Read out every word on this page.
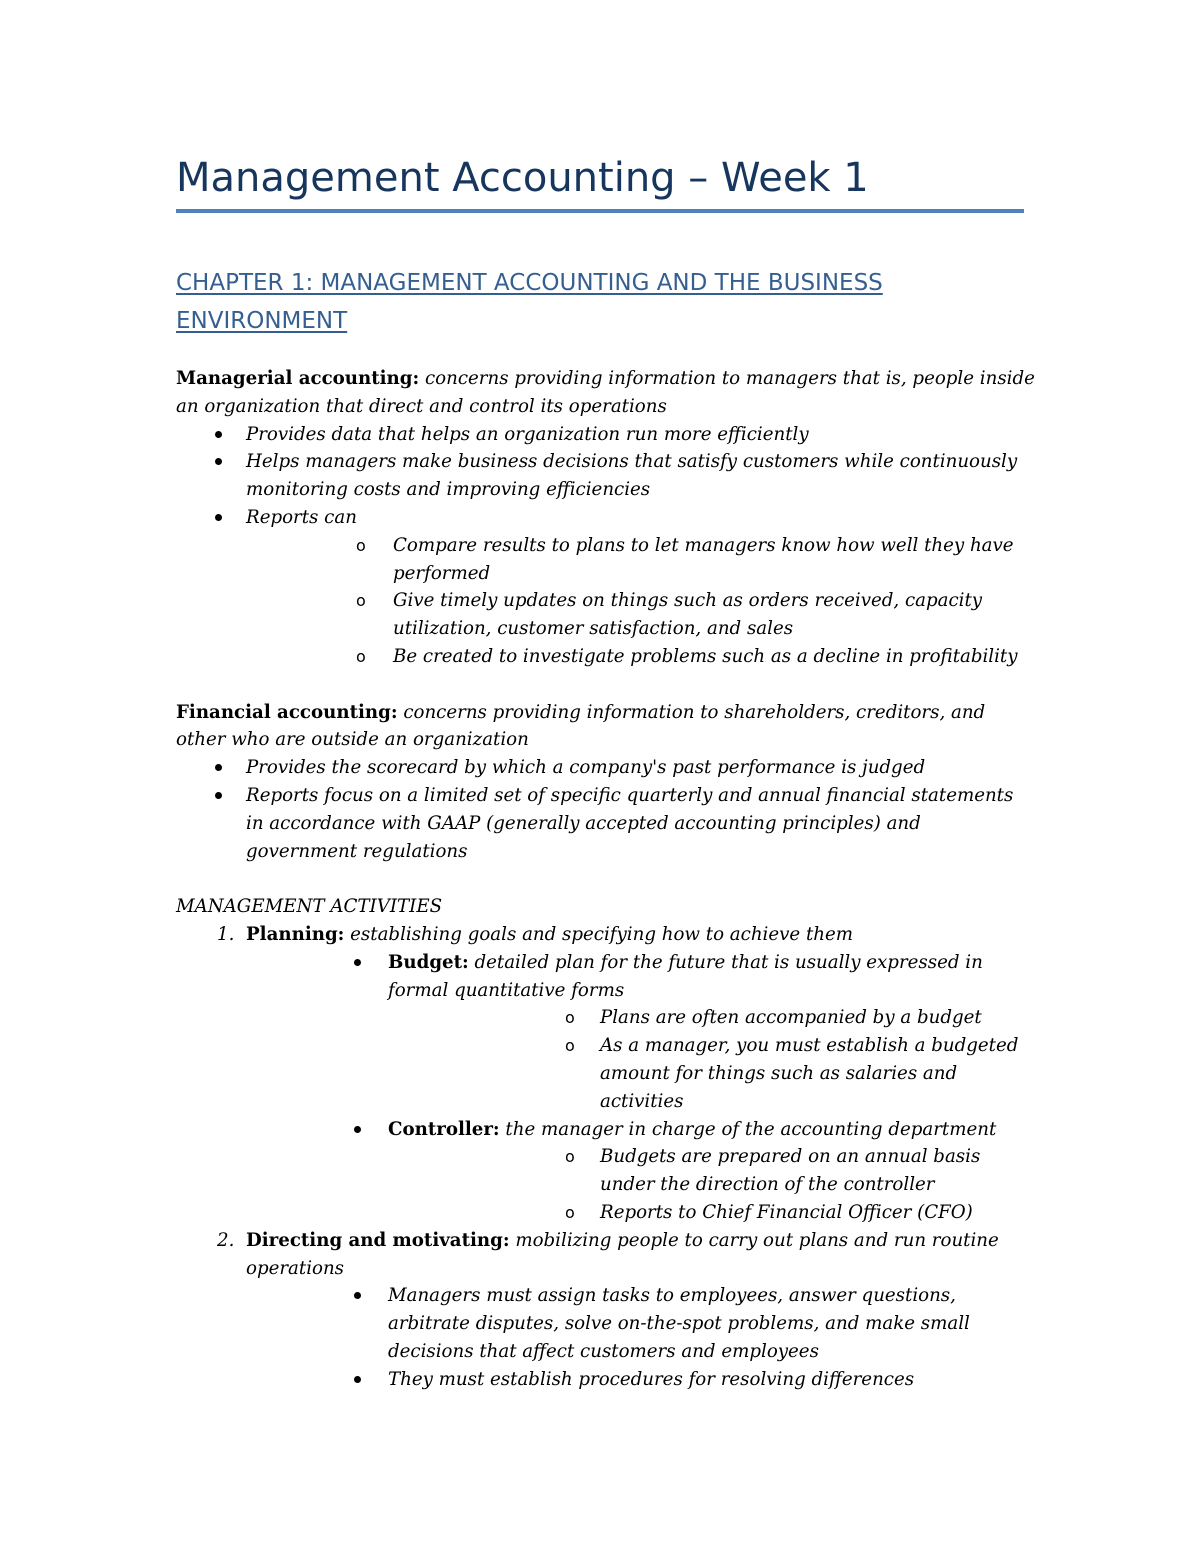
Management Accounting – Week 1
CHAPTER 1: MANAGEMENT ACCOUNTING AND THE BUSINESS ENVIRONMENT

Managerial accounting: concerns providing information to managers that is, people inside an organization that direct and control its operations

Provides data that helps an organization run more efficiently
Helps managers make business decisions that satisfy customers while continuously monitoring costs and improving efficiencies
Reports can
o Compare results to plans to let managers know how well they have performed
o Give timely updates on things such as orders received, capacity utilization, customer satisfaction, and sales
o Be created to investigate problems such as a decline in profitability

Financial accounting: concerns providing information to shareholders, creditors, and other who are outside an organization

Provides the scorecard by which a company's past performance is judged
Reports focus on a limited set of specific quarterly and annual financial statements in accordance with GAAP (generally accepted accounting principles) and government regulations

MANAGEMENT ACTIVITIES

1. Planning: establishing goals and specifying how to achieve them
Budget: detailed plan for the future that is usually expressed in formal quantitative forms
o Plans are often accompanied by a budget
o As a manager, you must establish a budgeted amount for things such as salaries and activities
Controller: the manager in charge of the accounting department
o Budgets are prepared on an annual basis under the direction of the controller
o Reports to Chief Financial Officer (CFO)
2. Directing and motivating: mobilizing people to carry out plans and run routine operations
Managers must assign tasks to employees, answer questions, arbitrate disputes, solve on-the-spot problems, and make small decisions that affect customers and employees
They must establish procedures for resolving differences
